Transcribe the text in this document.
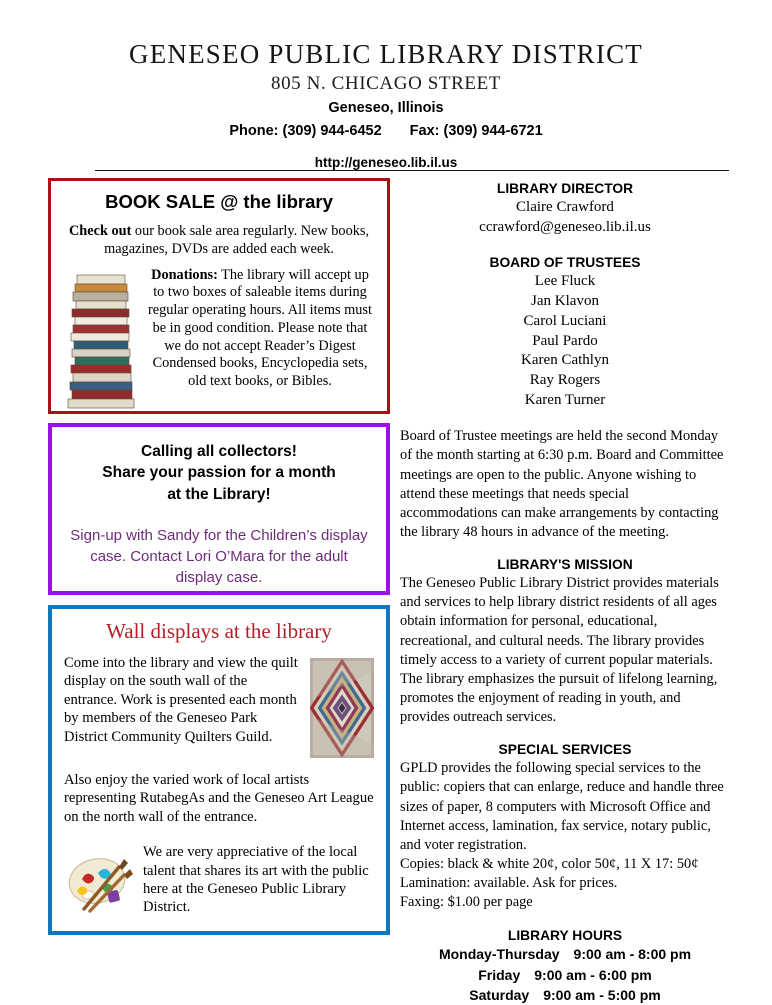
GENESEO PUBLIC LIBRARY DISTRICT
805 N. CHICAGO STREET
Geneseo, Illinois
Phone: (309) 944-6452 Fax: (309) 944-6721
http://geneseo.lib.il.us
BOOK SALE @ the library
Check out our book sale area regularly. New books, magazines, DVDs are added each week.
Donations: The library will accept up to two boxes of saleable items during regular operating hours. All items must be in good condition. Please note that we do not accept Reader’s Digest Condensed books, Encyclopedia sets, old text books, or Bibles.
Calling all collectors!
Share your passion for a month
at the Library!
Sign-up with Sandy for the Children’s display case. Contact Lori O’Mara for the adult display case.
Wall displays at the library
Come into the library and view the quilt display on the south wall of the entrance. Work is presented each month by members of the Geneseo Park District Community Quilters Guild.
Also enjoy the varied work of local artists representing RutabegAs and the Geneseo Art League on the north wall of the entrance.
We are very appreciative of the local talent that shares its art with the public here at the Geneseo Public Library District.
LIBRARY DIRECTOR
Claire Crawford
ccrawford@geneseo.lib.il.us
BOARD OF TRUSTEES
Lee Fluck
Jan Klavon
Carol Luciani
Paul Pardo
Karen Cathlyn
Ray Rogers
Karen Turner
Board of Trustee meetings are held the second Monday of the month starting at 6:30 p.m. Board and Committee meetings are open to the public. Anyone wishing to attend these meetings that needs special accommodations can make arrangements by contacting the library 48 hours in advance of the meeting.
LIBRARY'S MISSION
The Geneseo Public Library District provides materials and services to help library district residents of all ages obtain information for personal, educational, recreational, and cultural needs. The library provides timely access to a variety of current popular materials. The library emphasizes the pursuit of lifelong learning, promotes the enjoyment of reading in youth, and provides outreach services.
SPECIAL SERVICES
GPLD provides the following special services to the public: copiers that can enlarge, reduce and handle three sizes of paper, 8 computers with Microsoft Office and Internet access, lamination, fax service, notary public, and voter registration.
Copies: black & white 20¢, color 50¢, 11 X 17: 50¢
Lamination: available. Ask for prices.
Faxing: $1.00 per page
LIBRARY HOURS
Monday-Thursday 9:00 am - 8:00 pm
Friday 9:00 am - 6:00 pm
Saturday 9:00 am - 5:00 pm
